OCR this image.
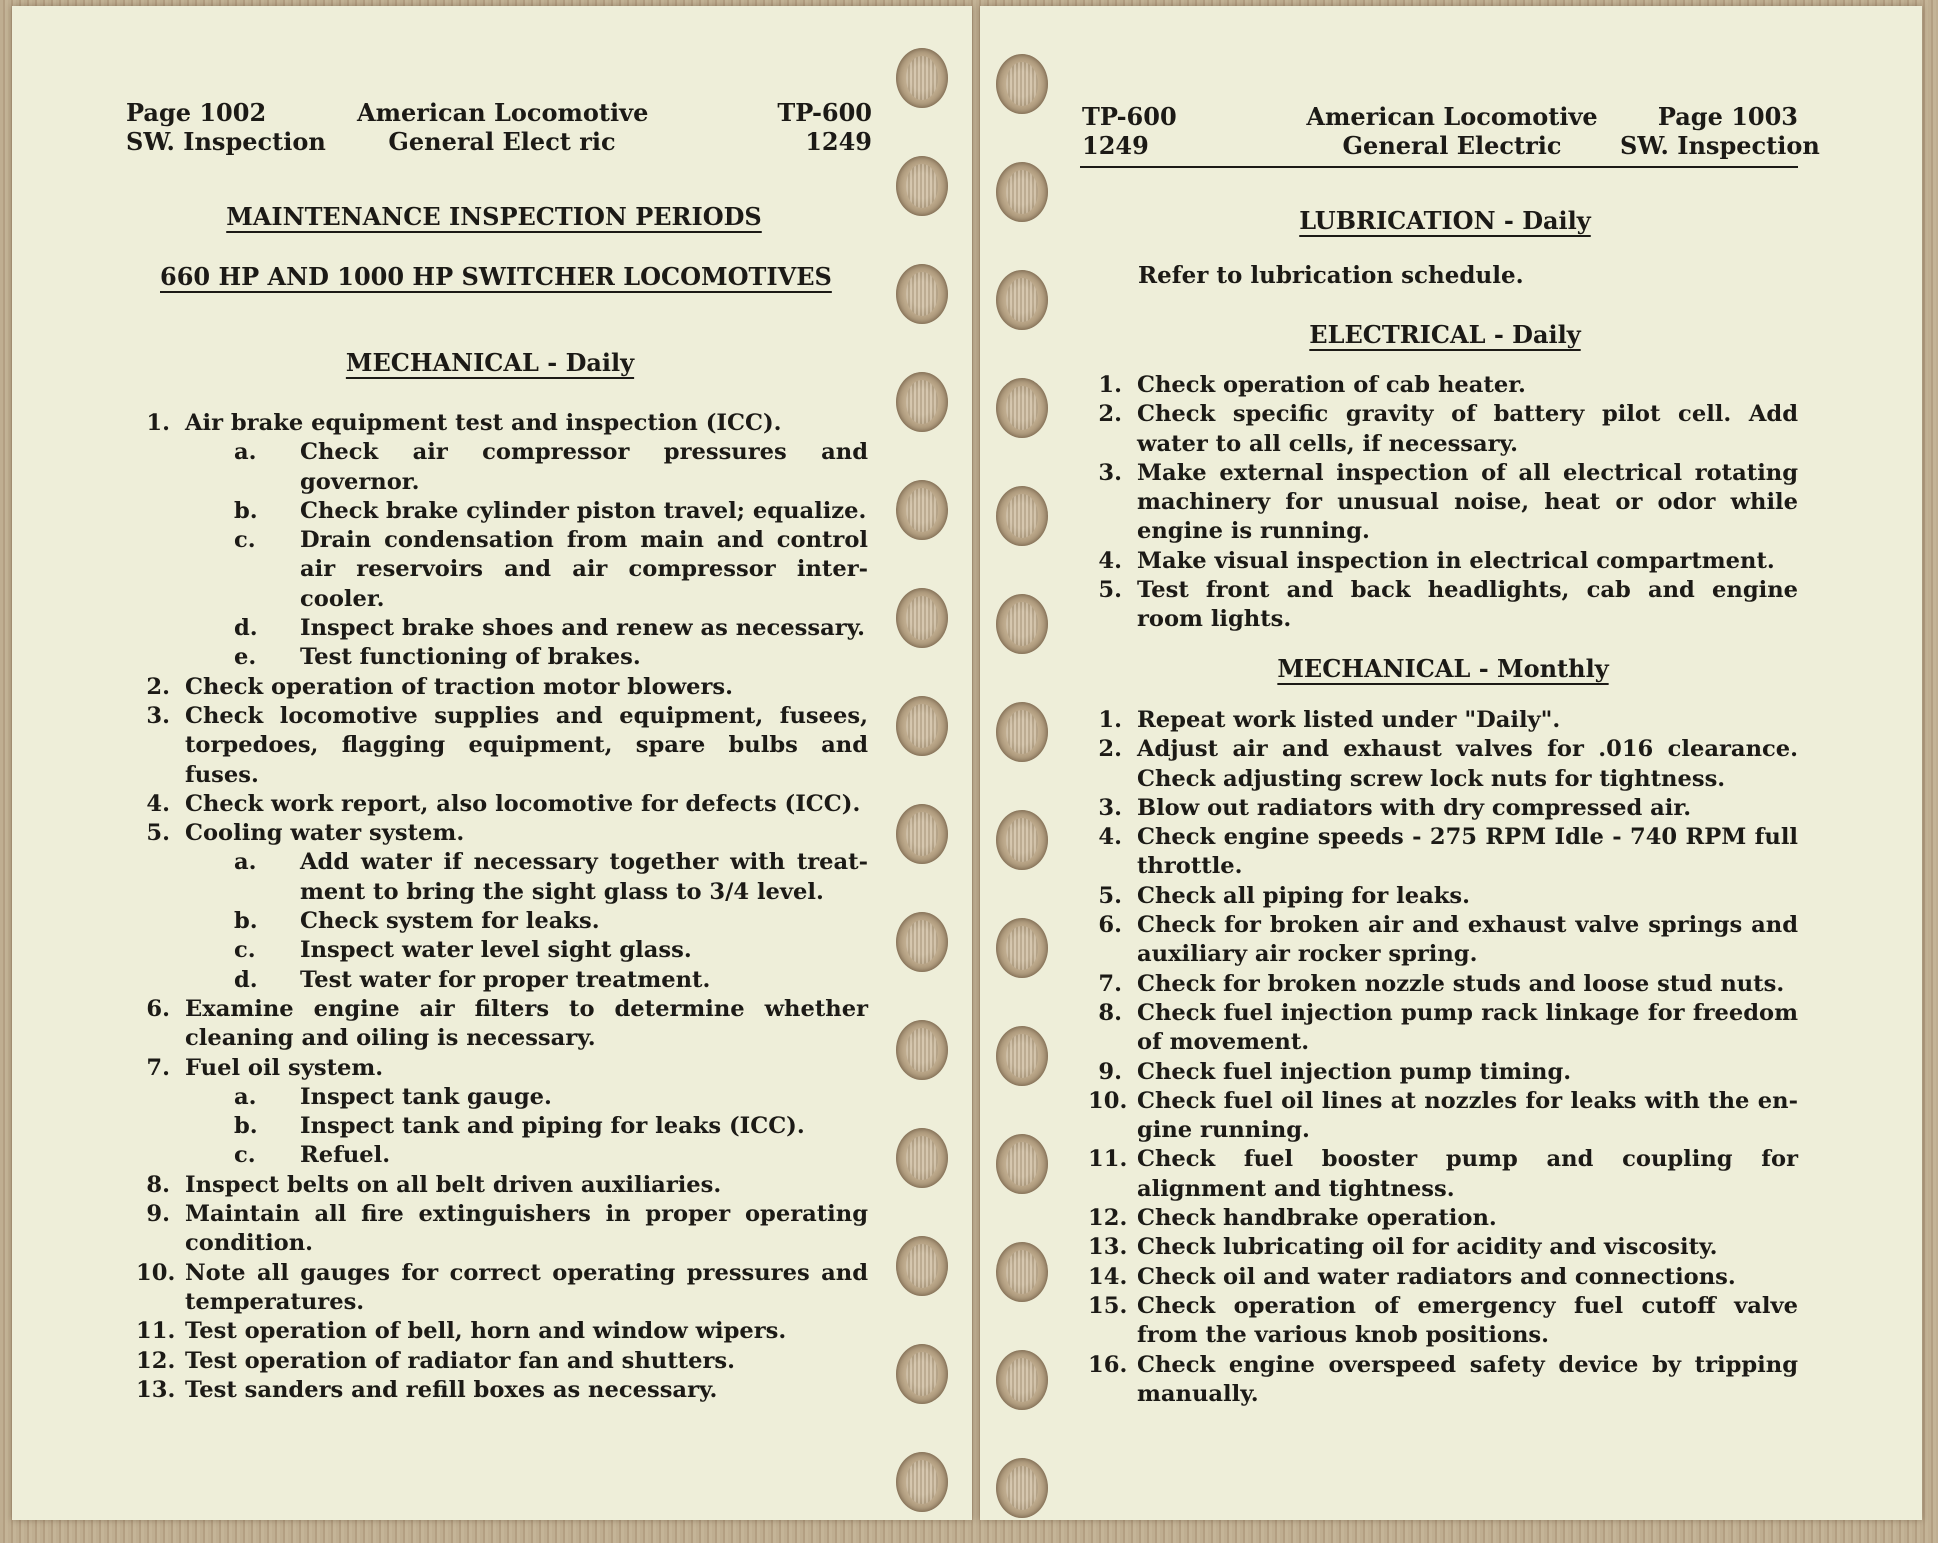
Page 1002
SW. Inspection
American Locomotive
General Elect ric
TP-600
1249
MAINTENANCE INSPECTION PERIODS
660 HP AND 1000 HP SWITCHER LOCOMOTIVES
MECHANICAL - Daily
1. Air brake equipment test and inspection (ICC).
a. Check air compressor pressures and governor.
b. Check brake cylinder piston travel; equalize.
c. Drain condensation from main and control air reservoirs and air compressor inter-cooler.
d. Inspect brake shoes and renew as necessary.
e. Test functioning of brakes.
2. Check operation of traction motor blowers.
3. Check locomotive supplies and equipment, fusees, torpedoes, flagging equipment, spare bulbs and fuses.
4. Check work report, also locomotive for defects (ICC).
5. Cooling water system.
a. Add water if necessary together with treat-ment to bring the sight glass to 3/4 level.
b. Check system for leaks.
c. Inspect water level sight glass.
d. Test water for proper treatment.
6. Examine engine air filters to determine whether cleaning and oiling is necessary.
7. Fuel oil system.
a. Inspect tank gauge.
b. Inspect tank and piping for leaks (ICC).
c. Refuel.
8. Inspect belts on all belt driven auxiliaries.
9. Maintain all fire extinguishers in proper operating condition.
10. Note all gauges for correct operating pressures and temperatures.
11. Test operation of bell, horn and window wipers.
12. Test operation of radiator fan and shutters.
13. Test sanders and refill boxes as necessary.
TP-600
1249
American Locomotive
General Electric
Page 1003
SW. Inspection
LUBRICATION - Daily
Refer to lubrication schedule.
ELECTRICAL - Daily
1. Check operation of cab heater.
2. Check specific gravity of battery pilot cell. Add water to all cells, if necessary.
3. Make external inspection of all electrical rotating machinery for unusual noise, heat or odor while engine is running.
4. Make visual inspection in electrical compartment.
5. Test front and back headlights, cab and engine room lights.
MECHANICAL - Monthly
1. Repeat work listed under "Daily".
2. Adjust air and exhaust valves for .016 clearance. Check adjusting screw lock nuts for tightness.
3. Blow out radiators with dry compressed air.
4. Check engine speeds - 275 RPM Idle - 740 RPM full throttle.
5. Check all piping for leaks.
6. Check for broken air and exhaust valve springs and auxiliary air rocker spring.
7. Check for broken nozzle studs and loose stud nuts.
8. Check fuel injection pump rack linkage for freedom of movement.
9. Check fuel injection pump timing.
10. Check fuel oil lines at nozzles for leaks with the en-gine running.
11. Check fuel booster pump and coupling for alignment and tightness.
12. Check handbrake operation.
13. Check lubricating oil for acidity and viscosity.
14. Check oil and water radiators and connections.
15. Check operation of emergency fuel cutoff valve from the various knob positions.
16. Check engine overspeed safety device by tripping manually.
